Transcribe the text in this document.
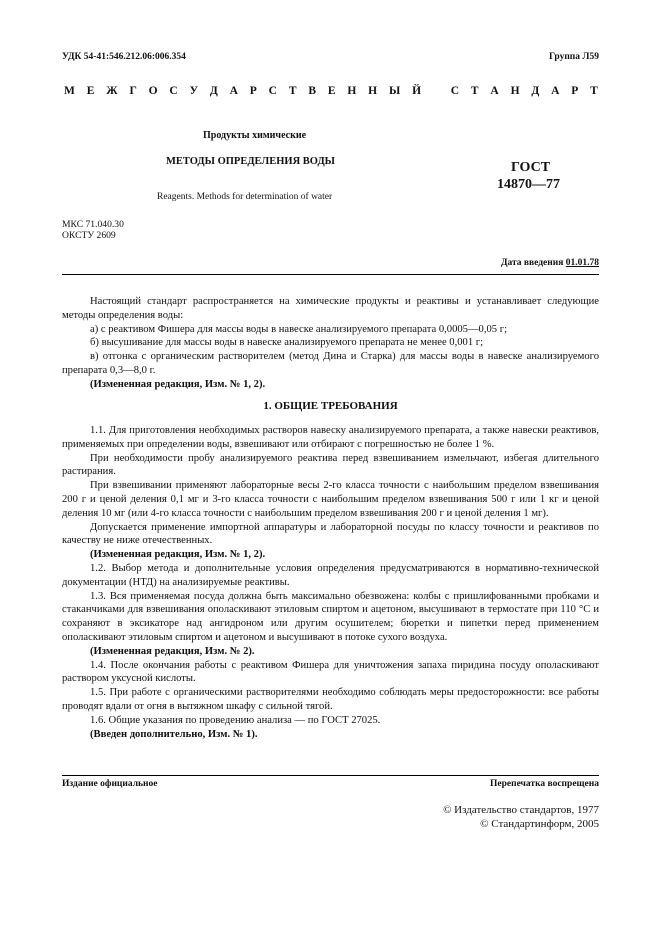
УДК 54-41:546.212.06:006.354	Группа Л59
М Е Ж Г О С У Д А Р С Т В Е Н Н Ы Й	С Т А Н Д А Р Т
Продукты химические
МЕТОДЫ ОПРЕДЕЛЕНИЯ ВОДЫ
Reagents. Methods for determination of water
ГОСТ
14870—77
МКС 71.040.30
ОКСТУ 2609
Дата введения 01.01.78

Настоящий стандарт распространяется на химические продукты и реактивы и устанавливает следующие методы определения воды:

а) с реактивом Фишера для массы воды в навеске анализируемого препарата 0,0005—0,05 г;

б) высушивание для массы воды в навеске анализируемого препарата не менее 0,001 г;

в) отгонка с органическим растворителем (метод Дина и Старка) для массы воды в навеске анализируемого препарата 0,3—8,0 г.

(Измененная редакция, Изм. № 1, 2).

1. ОБЩИЕ ТРЕБОВАНИЯ

1.1. Для приготовления необходимых растворов навеску анализируемого препарата, а также навески реактивов, применяемых при определении воды, взвешивают или отбирают с погрешностью не более 1 %.

При необходимости пробу анализируемого реактива перед взвешиванием измельчают, избегая длительного растирания.

При взвешивании применяют лабораторные весы 2-го класса точности с наибольшим пределом взвешивания 200 г и ценой деления 0,1 мг и 3-го класса точности с наибольшим пределом взвешивания 500 г или 1 кг и ценой деления 10 мг (или 4-го класса точности с наибольшим пределом взвешивания 200 г и ценой деления 1 мг).

Допускается применение импортной аппаратуры и лабораторной посуды по классу точности и реактивов по качеству не ниже отечественных.

(Измененная редакция, Изм. № 1, 2).

1.2. Выбор метода и дополнительные условия определения предусматриваются в нормативно-технической документации (НТД) на анализируемые реактивы.

1.3. Вся применяемая посуда должна быть максимально обезвожена: колбы с пришлифованными пробками и стаканчиками для взвешивания ополаскивают этиловым спиртом и ацетоном, высушивают в термостате при 110 °С и сохраняют в эксикаторе над ангидроном или другим осушителем; бюретки и пипетки перед применением ополаскивают этиловым спиртом и ацетоном и высушивают в потоке сухого воздуха.

(Измененная редакция, Изм. № 2).

1.4. После окончания работы с реактивом Фишера для уничтожения запаха пиридина посуду ополаскивают раствором уксусной кислоты.

1.5. При работе с органическими растворителями необходимо соблюдать меры предосторожности: все работы проводят вдали от огня в вытяжном шкафу с сильной тягой.

1.6. Общие указания по проведению анализа — по ГОСТ 27025.

(Введен дополнительно, Изм. № 1).

Издание официальное	Перепечатка воспрещена
© Издательство стандартов, 1977
© Стандартинформ, 2005
